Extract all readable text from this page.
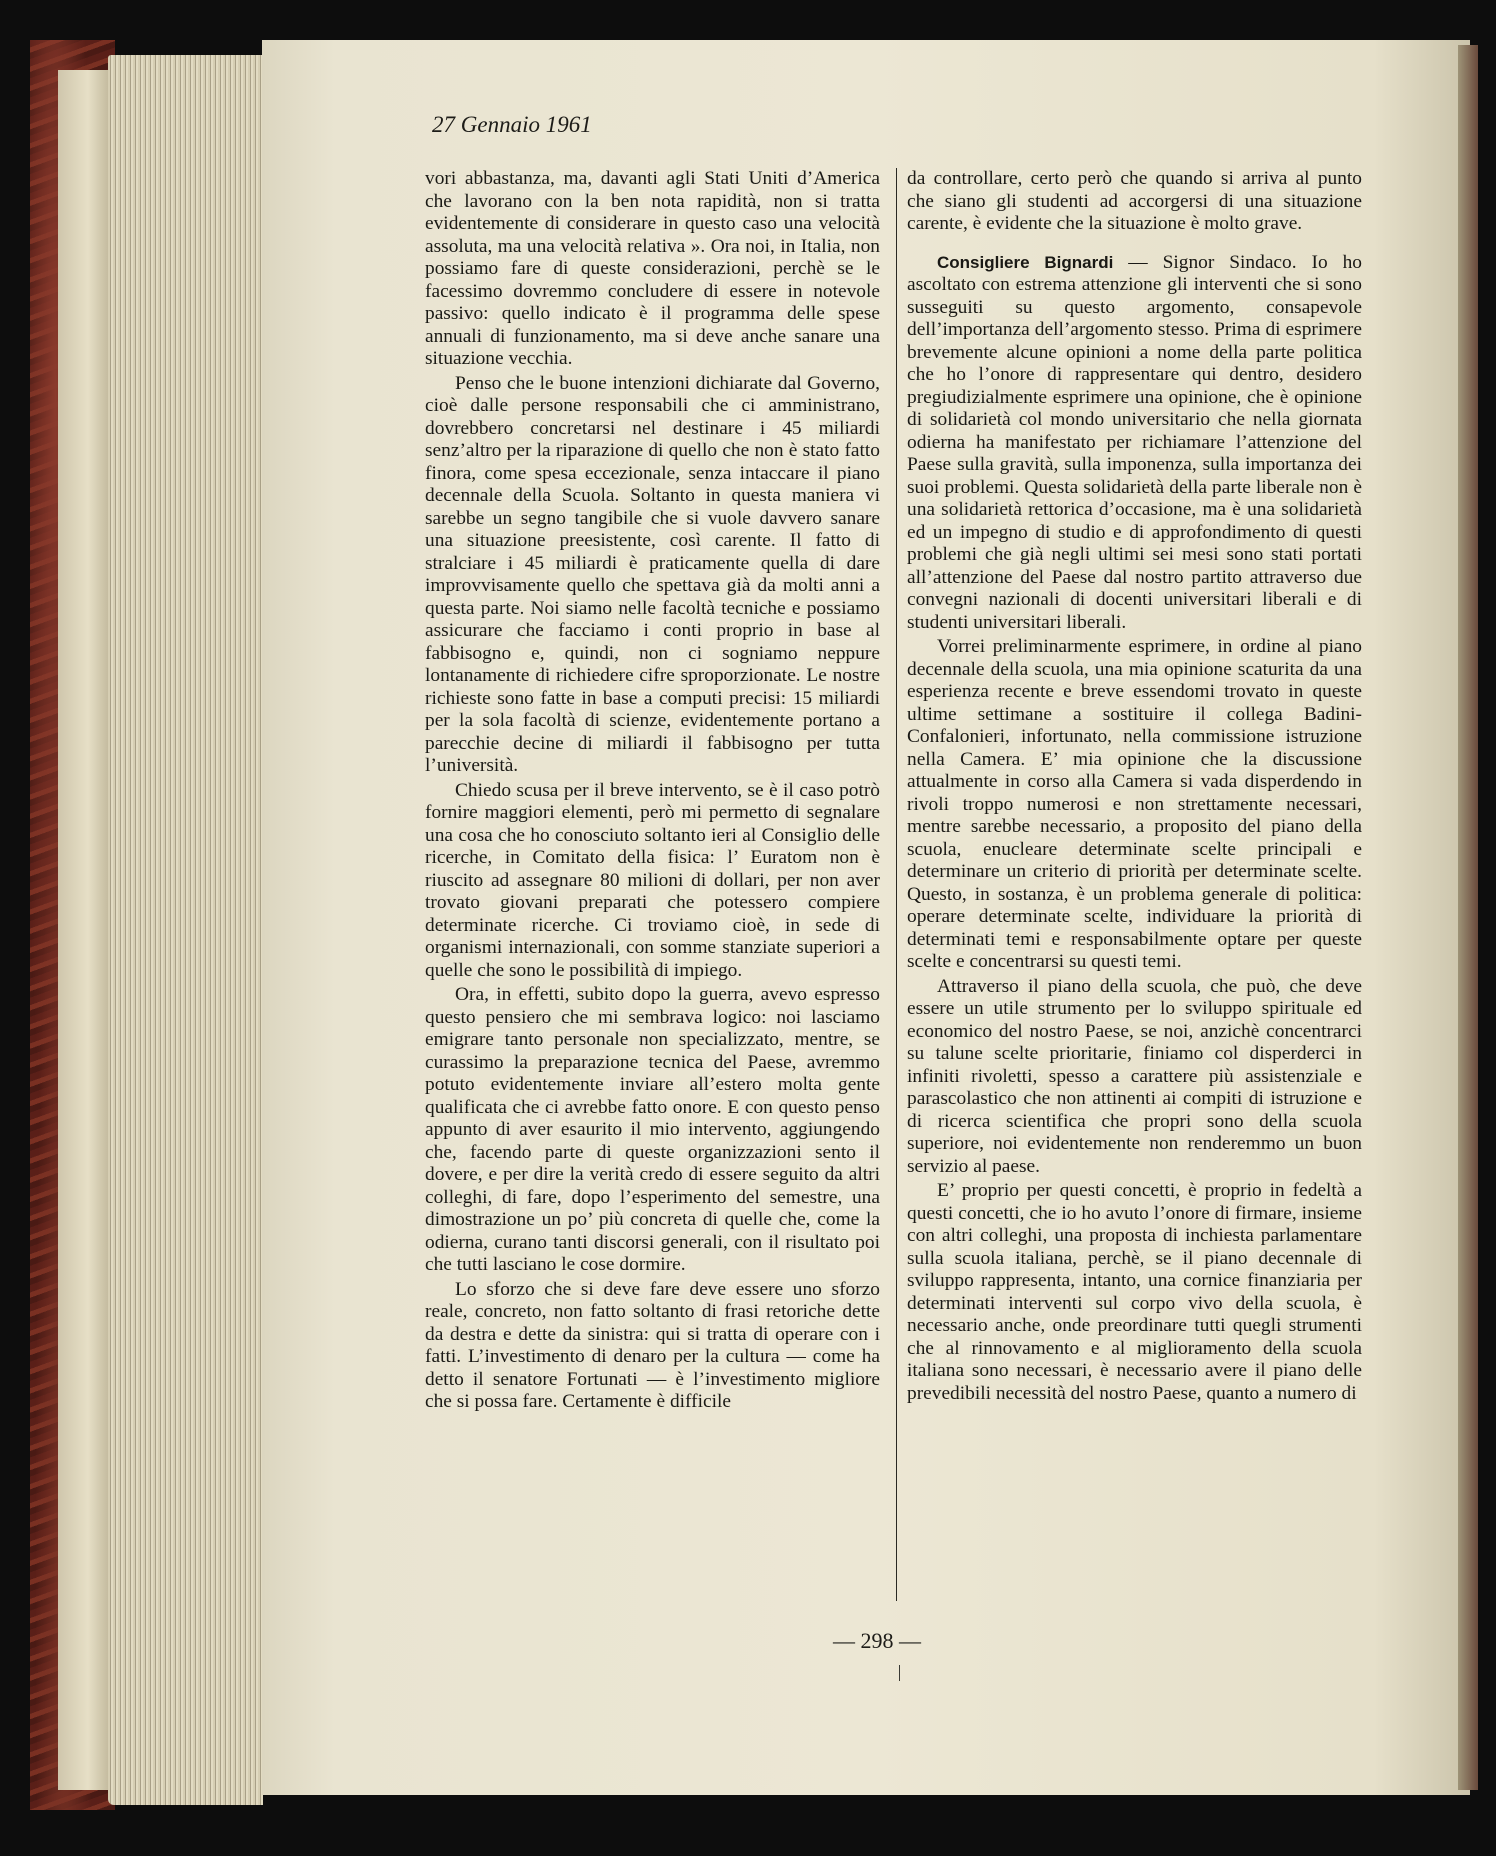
27 Gennaio 1961

vori abbastanza, ma, davanti agli Stati Uniti d’America che lavorano con la ben nota rapidità, non si tratta evidentemente di considerare in questo caso una velocità assoluta, ma una velocità relativa ». Ora noi, in Italia, non possiamo fare di queste considerazioni, perchè se le facessimo dovremmo concludere di essere in notevole passivo: quello indicato è il programma delle spese annuali di funzionamento, ma si deve anche sanare una situazione vecchia.

Penso che le buone intenzioni dichiarate dal Governo, cioè dalle persone responsabili che ci amministrano, dovrebbero concretarsi nel destinare i 45 miliardi senz’altro per la riparazione di quello che non è stato fatto finora, come spesa eccezionale, senza intaccare il piano decennale della Scuola. Soltanto in questa maniera vi sarebbe un segno tangibile che si vuole davvero sanare una situazione preesistente, così carente. Il fatto di stralciare i 45 miliardi è praticamente quella di dare improvvisamente quello che spettava già da molti anni a questa parte. Noi siamo nelle facoltà tecniche e possiamo assicurare che facciamo i conti proprio in base al fabbisogno e, quindi, non ci sogniamo neppure lontanamente di richiedere cifre sproporzionate. Le nostre richieste sono fatte in base a computi precisi: 15 miliardi per la sola facoltà di scienze, evidentemente portano a parecchie decine di miliardi il fabbisogno per tutta l’università.

Chiedo scusa per il breve intervento, se è il caso potrò fornire maggiori elementi, però mi permetto di segnalare una cosa che ho conosciuto soltanto ieri al Consiglio delle ricerche, in Comitato della fisica: l’ Euratom non è riuscito ad assegnare 80 milioni di dollari, per non aver trovato giovani preparati che potessero compiere determinate ricerche. Ci troviamo cioè, in sede di organismi internazionali, con somme stanziate superiori a quelle che sono le possibilità di impiego.

Ora, in effetti, subito dopo la guerra, avevo espresso questo pensiero che mi sembrava logico: noi lasciamo emigrare tanto personale non specializzato, mentre, se curassimo la preparazione tecnica del Paese, avremmo potuto evidentemente inviare all’estero molta gente qualificata che ci avrebbe fatto onore. E con questo penso appunto di aver esaurito il mio intervento, aggiungendo che, facendo parte di queste organizzazioni sento il dovere, e per dire la verità credo di essere seguito da altri colleghi, di fare, dopo l’esperimento del semestre, una dimostrazione un po’ più concreta di quelle che, come la odierna, curano tanti discorsi generali, con il risultato poi che tutti lasciano le cose dormire.

Lo sforzo che si deve fare deve essere uno sforzo reale, concreto, non fatto soltanto di frasi retoriche dette da destra e dette da sinistra: qui si tratta di operare con i fatti. L’investimento di denaro per la cultura — come ha detto il senatore Fortunati — è l’investimento migliore che si possa fare. Certamente è difficile

da controllare, certo però che quando si arriva al punto che siano gli studenti ad accorgersi di una situazione carente, è evidente che la situazione è molto grave.

Consigliere Bignardi — Signor Sindaco. Io ho ascoltato con estrema attenzione gli interventi che si sono susseguiti su questo argomento, consapevole dell’importanza dell’argomento stesso. Prima di esprimere brevemente alcune opinioni a nome della parte politica che ho l’onore di rappresentare qui dentro, desidero pregiudizialmente esprimere una opinione, che è opinione di solidarietà col mondo universitario che nella giornata odierna ha manifestato per richiamare l’attenzione del Paese sulla gravità, sulla imponenza, sulla importanza dei suoi problemi. Questa solidarietà della parte liberale non è una solidarietà rettorica d’occasione, ma è una solidarietà ed un impegno di studio e di approfondimento di questi problemi che già negli ultimi sei mesi sono stati portati all’attenzione del Paese dal nostro partito attraverso due convegni nazionali di docenti universitari liberali e di studenti universitari liberali.

Vorrei preliminarmente esprimere, in ordine al piano decennale della scuola, una mia opinione scaturita da una esperienza recente e breve essendomi trovato in queste ultime settimane a sostituire il collega Badini-Confalonieri, infortunato, nella commissione istruzione nella Camera. E’ mia opinione che la discussione attualmente in corso alla Camera si vada disperdendo in rivoli troppo numerosi e non strettamente necessari, mentre sarebbe necessario, a proposito del piano della scuola, enucleare determinate scelte principali e determinare un criterio di priorità per determinate scelte. Questo, in sostanza, è un problema generale di politica: operare determinate scelte, individuare la priorità di determinati temi e responsabilmente optare per queste scelte e concentrarsi su questi temi.

Attraverso il piano della scuola, che può, che deve essere un utile strumento per lo sviluppo spirituale ed economico del nostro Paese, se noi, anzichè concentrarci su talune scelte prioritarie, finiamo col disperderci in infiniti rivoletti, spesso a carattere più assistenziale e parascolastico che non attinenti ai compiti di istruzione e di ricerca scientifica che propri sono della scuola superiore, noi evidentemente non renderemmo un buon servizio al paese.

E’ proprio per questi concetti, è proprio in fedeltà a questi concetti, che io ho avuto l’onore di firmare, insieme con altri colleghi, una proposta di inchiesta parlamentare sulla scuola italiana, perchè, se il piano decennale di sviluppo rappresenta, intanto, una cornice finanziaria per determinati interventi sul corpo vivo della scuola, è necessario anche, onde preordinare tutti quegli strumenti che al rinnovamento e al miglioramento della scuola italiana sono necessari, è necessario avere il piano delle prevedibili necessità del nostro Paese, quanto a numero di

— 298 —
